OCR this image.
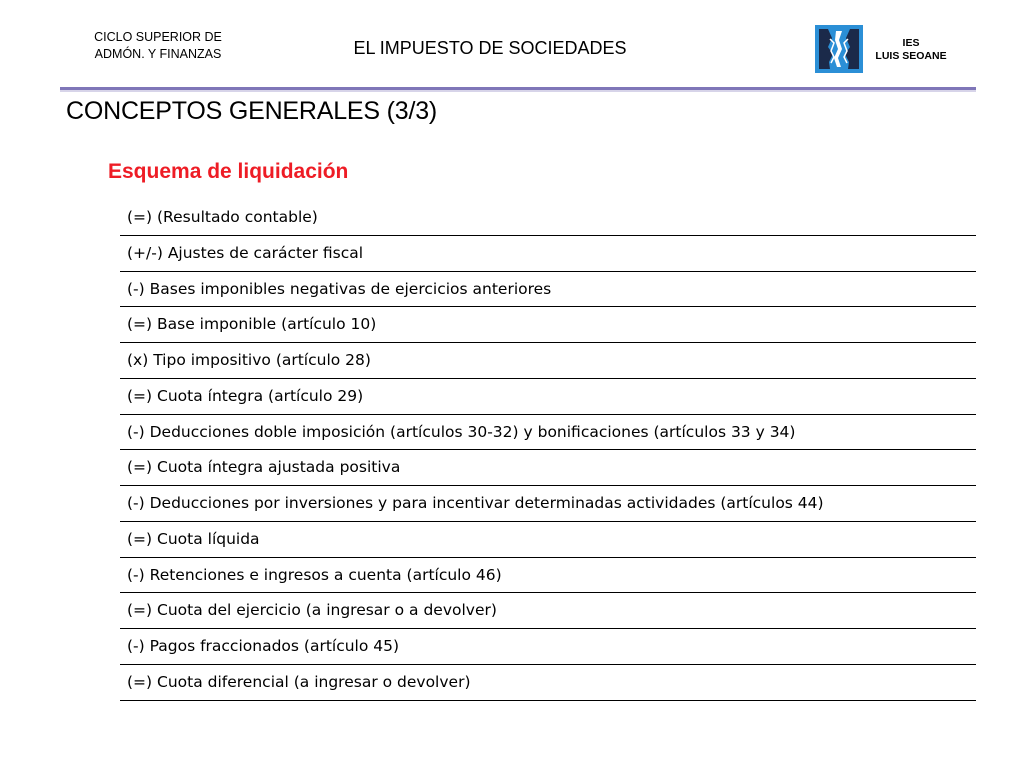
CICLO SUPERIOR DE
ADMÓN. Y FINANZAS	EL IMPUESTO DE SOCIEDADES	IES
LUIS SEOANE
CONCEPTOS GENERALES (3/3)
Esquema de liquidación
(=) (Resultado contable)
(+/-) Ajustes de carácter fiscal
(-) Bases imponibles negativas de ejercicios anteriores
(=) Base imponible (artículo 10)
(x) Tipo impositivo (artículo 28)
(=) Cuota íntegra (artículo 29)
(-) Deducciones doble imposición (artículos 30-32) y bonificaciones (artículos 33 y 34)
(=) Cuota íntegra ajustada positiva
(-) Deducciones por inversiones y para incentivar determinadas actividades (artículos 44)
(=) Cuota líquida
(-) Retenciones e ingresos a cuenta (artículo 46)
(=) Cuota del ejercicio (a ingresar o a devolver)
(-) Pagos fraccionados (artículo 45)
(=) Cuota diferencial (a ingresar o devolver)
